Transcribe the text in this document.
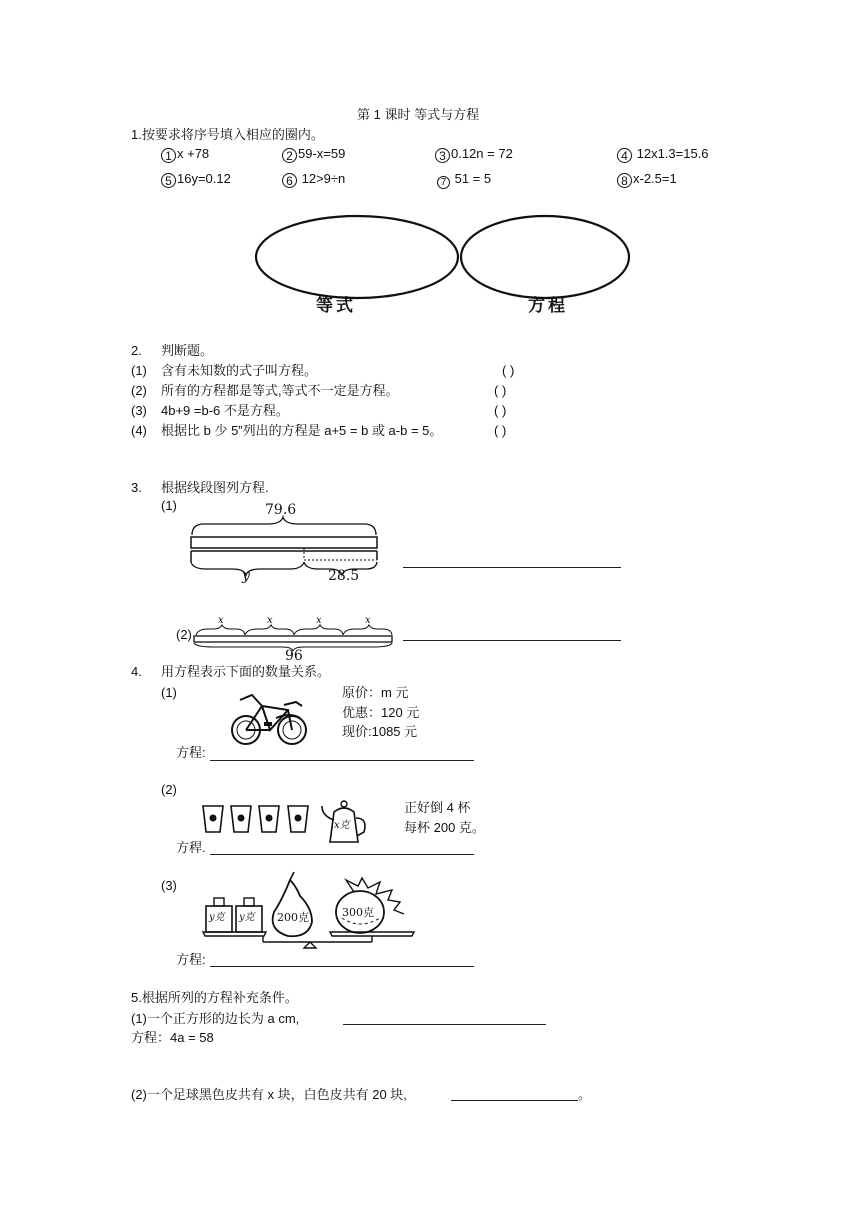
第 1 课时 等式与方程
1.按要求将序号填入相应的圈内。
1 x +78	2 59-x=59	3 0.12n = 72	4 12x1.3=15.6
5 16y=0.12	6 12>9÷n	7 51 = 5	8 x-2.5=1
等式	方程
2. 判断题。
(1) 含有未知数的式子叫方程。	( )
(2) 所有的方程都是等式,等式不一定是方程。	( )
(3) 4b+9 =b-6 不是方程。	( )
(4) 根据比 b 少 5”列出的方程是 a+5 = b 或 a-b = 5。	( )
3. 根据线段图列方程.
(1)	79.6
y	28.5
(2)
x	x	x	x
96
4. 用方程表示下面的数量关系。
(1)	原价：m 元
优惠：120 元
现价:1085 元
方程:
(2)
x克
正好倒 4 杯
每杯 200 克。
方稈.
(3)
y克 y克 200克	300克
方程:
5.根据所列的方程补充条件。
(1)一个正方形的边长为 a cm,
方程：4a = 58
(2)一个足球黑色皮共有 x 块，白色皮共有 20 块,	。
